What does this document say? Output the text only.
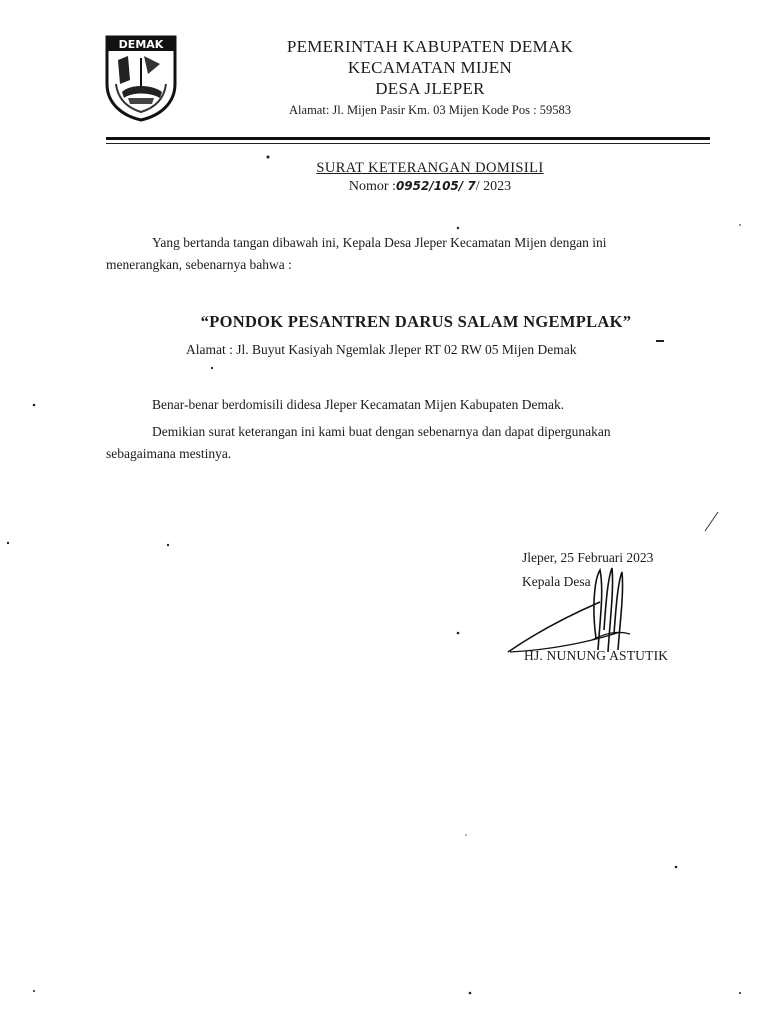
DEMAK	PEMERINTAH KABUPATEN DEMAK
KECAMATAN MIJEN
DESA JLEPER
Alamat: Jl. Mijen Pasir Km. 03 Mijen Kode Pos : 59583
SURAT KETERANGAN DOMISILI
Nomor :0952/105/ 7/ 2023
Yang bertanda tangan dibawah ini, Kepala Desa Jleper Kecamatan Mijen dengan ini
menerangkan, sebenarnya bahwa :
“PONDOK PESANTREN DARUS SALAM NGEMPLAK”
Alamat : Jl. Buyut Kasiyah Ngemlak Jleper RT 02 RW 05 Mijen Demak
Benar-benar berdomisili didesa Jleper Kecamatan Mijen Kabupaten Demak.
Demikian surat keterangan ini kami buat dengan sebenarnya dan dapat dipergunakan
sebagaimana mestinya.
Jleper, 25 Februari 2023
Kepala Desa
HJ. NUNUNG ASTUTIK
